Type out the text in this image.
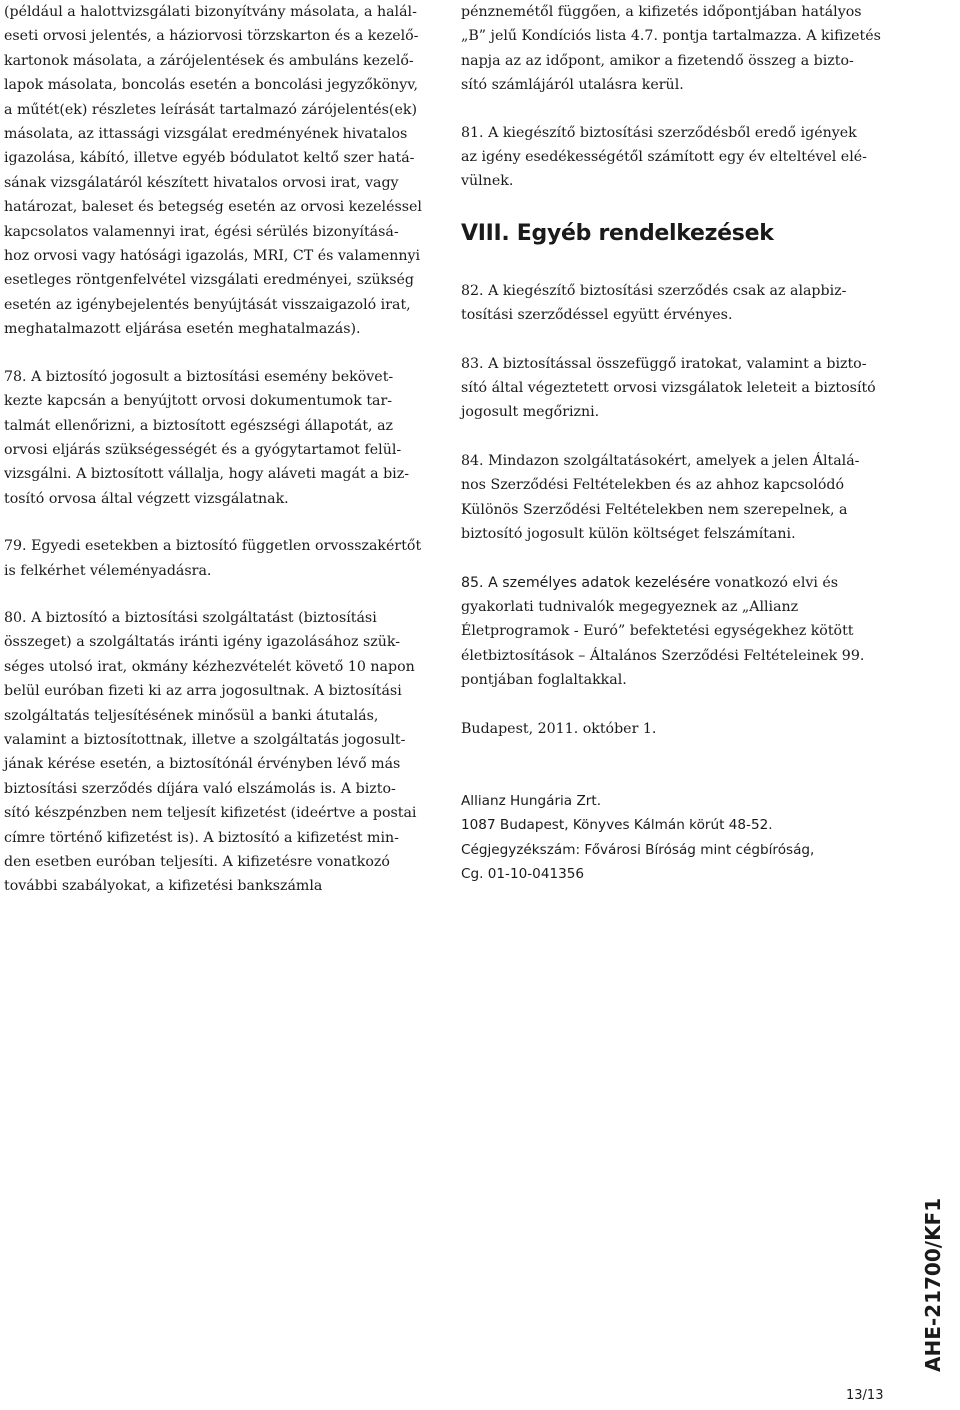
(például a halottvizsgálati bizonyítvány másolata, a halál-
eseti orvosi jelentés, a háziorvosi törzskarton és a kezelő-
kartonok másolata, a zárójelentések és ambuláns kezelő-
lapok másolata, boncolás esetén a boncolási jegyzőkönyv,
a műtét(ek) részletes leírását tartalmazó zárójelentés(ek)
másolata, az ittassági vizsgálat eredményének hivatalos
igazolása, kábító, illetve egyéb bódulatot keltő szer hatá-
sának vizsgálatáról készített hivatalos orvosi irat, vagy
határozat, baleset és betegség esetén az orvosi kezeléssel
kapcsolatos valamennyi irat, égési sérülés bizonyításá-
hoz orvosi vagy hatósági igazolás, MRI, CT és valamennyi
esetleges röntgenfelvétel vizsgálati eredményei, szükség
esetén az igénybejelentés benyújtását visszaigazoló irat,
meghatalmazott eljárása esetén meghatalmazás).
78. A biztosító jogosult a biztosítási esemény bekövet-
kezte kapcsán a benyújtott orvosi dokumentumok tar-
talmát ellenőrizni, a biztosított egészségi állapotát, az
orvosi eljárás szükségességét és a gyógytartamot felül-
vizsgálni. A biztosított vállalja, hogy aláveti magát a biz-
tosító orvosa által végzett vizsgálatnak.
79. Egyedi esetekben a biztosító független orvosszakértőt
is felkérhet véleményadásra.
80. A biztosító a biztosítási szolgáltatást (biztosítási
összeget) a szolgáltatás iránti igény igazolásához szük-
séges utolsó irat, okmány kézhezvételét követő 10 napon
belül euróban fizeti ki az arra jogosultnak. A biztosítási
szolgáltatás teljesítésének minősül a banki átutalás,
valamint a biztosítottnak, illetve a szolgáltatás jogosult-
jának kérése esetén, a biztosítónál érvényben lévő más
biztosítási szerződés díjára való elszámolás is. A bizto-
sító készpénzben nem teljesít kifizetést (ideértve a postai
címre történő kifizetést is). A biztosító a kifizetést min-
den esetben euróban teljesíti. A kifizetésre vonatkozó
további szabályokat, a kifizetési bankszámla
pénznemétől függően, a kifizetés időpontjában hatályos
„B” jelű Kondíciós lista 4.7. pontja tartalmazza. A kifizetés
napja az az időpont, amikor a fizetendő összeg a bizto-
sító számlájáról utalásra kerül.
81. A kiegészítő biztosítási szerződésből eredő igények
az igény esedékességétől számított egy év elteltével elé-
vülnek.
VIII. Egyéb rendelkezések
82. A kiegészítő biztosítási szerződés csak az alapbiz-
tosítási szerződéssel együtt érvényes.
83. A biztosítással összefüggő iratokat, valamint a bizto-
sító által végeztetett orvosi vizsgálatok leleteit a biztosító
jogosult megőrizni.
84. Mindazon szolgáltatásokért, amelyek a jelen Általá-
nos Szerződési Feltételekben és az ahhoz kapcsolódó
Különös Szerződési Feltételekben nem szerepelnek, a
biztosító jogosult külön költséget felszámítani.
85. A személyes adatok kezelésére vonatkozó elvi és
gyakorlati tudnivalók megegyeznek az „Allianz
Életprogramok - Euró” befektetési egységekhez kötött
életbiztosítások – Általános Szerződési Feltételeinek 99.
pontjában foglaltakkal.
Budapest, 2011. október 1.
Allianz Hungária Zrt.
1087 Budapest, Könyves Kálmán körút 48-52.
Cégjegyzékszám: Fővárosi Bíróság mint cégbíróság,
Cg. 01-10-041356
AHE-21700/KF1
13/13
